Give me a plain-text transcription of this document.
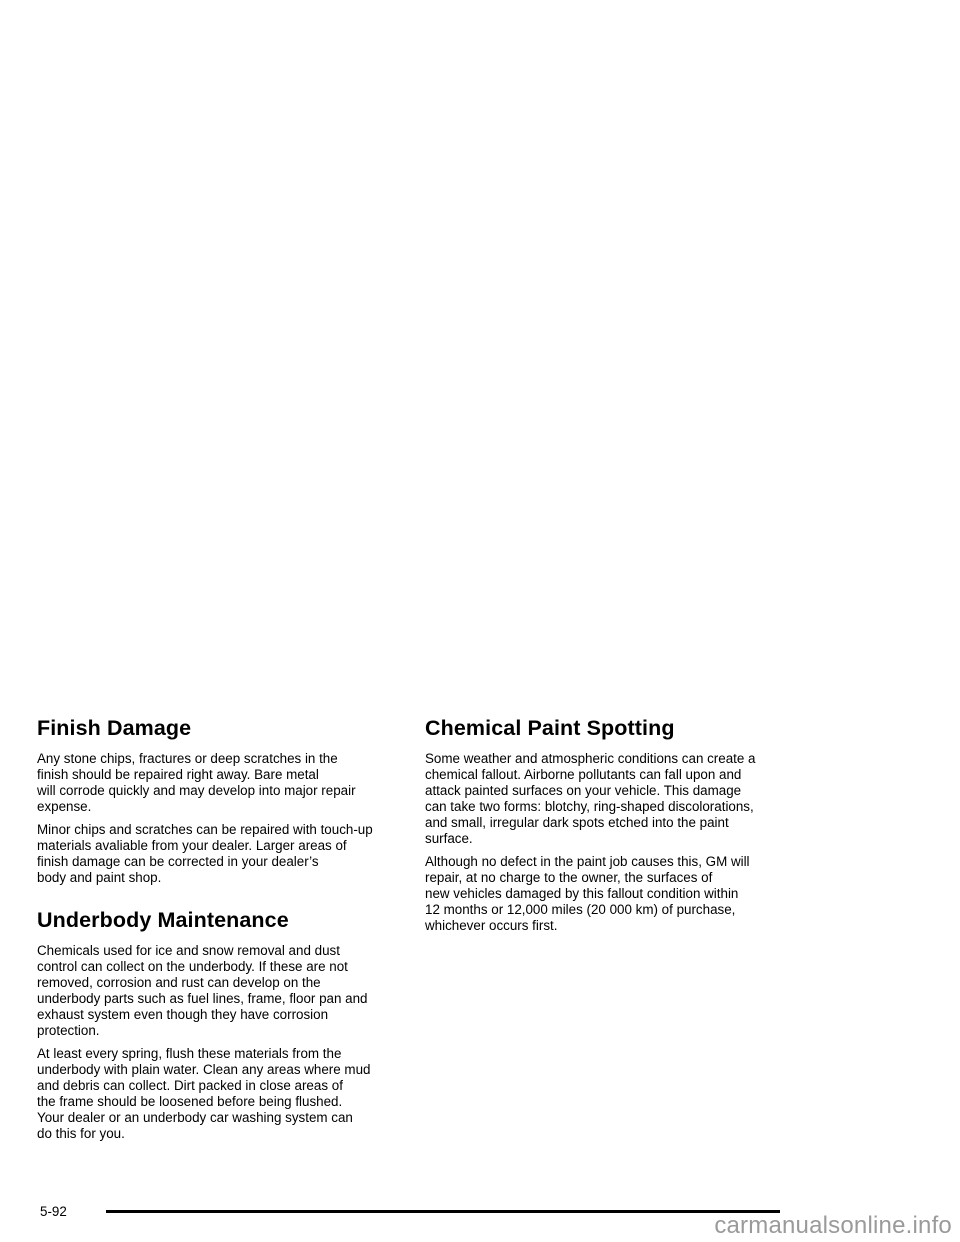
Finish Damage

Any stone chips, fractures or deep scratches in the
finish should be repaired right away. Bare metal
will corrode quickly and may develop into major repair
expense.

Minor chips and scratches can be repaired with touch-up
materials avaliable from your dealer. Larger areas of
finish damage can be corrected in your dealer’s
body and paint shop.

Underbody Maintenance

Chemicals used for ice and snow removal and dust
control can collect on the underbody. If these are not
removed, corrosion and rust can develop on the
underbody parts such as fuel lines, frame, floor pan and
exhaust system even though they have corrosion
protection.

At least every spring, flush these materials from the
underbody with plain water. Clean any areas where mud
and debris can collect. Dirt packed in close areas of
the frame should be loosened before being flushed.
Your dealer or an underbody car washing system can
do this for you.

Chemical Paint Spotting

Some weather and atmospheric conditions can create a
chemical fallout. Airborne pollutants can fall upon and
attack painted surfaces on your vehicle. This damage
can take two forms: blotchy, ring-shaped discolorations,
and small, irregular dark spots etched into the paint
surface.

Although no defect in the paint job causes this, GM will
repair, at no charge to the owner, the surfaces of
new vehicles damaged by this fallout condition within
12 months or 12,000 miles (20 000 km) of purchase,
whichever occurs first.

5-92
carmanualsonline.info
